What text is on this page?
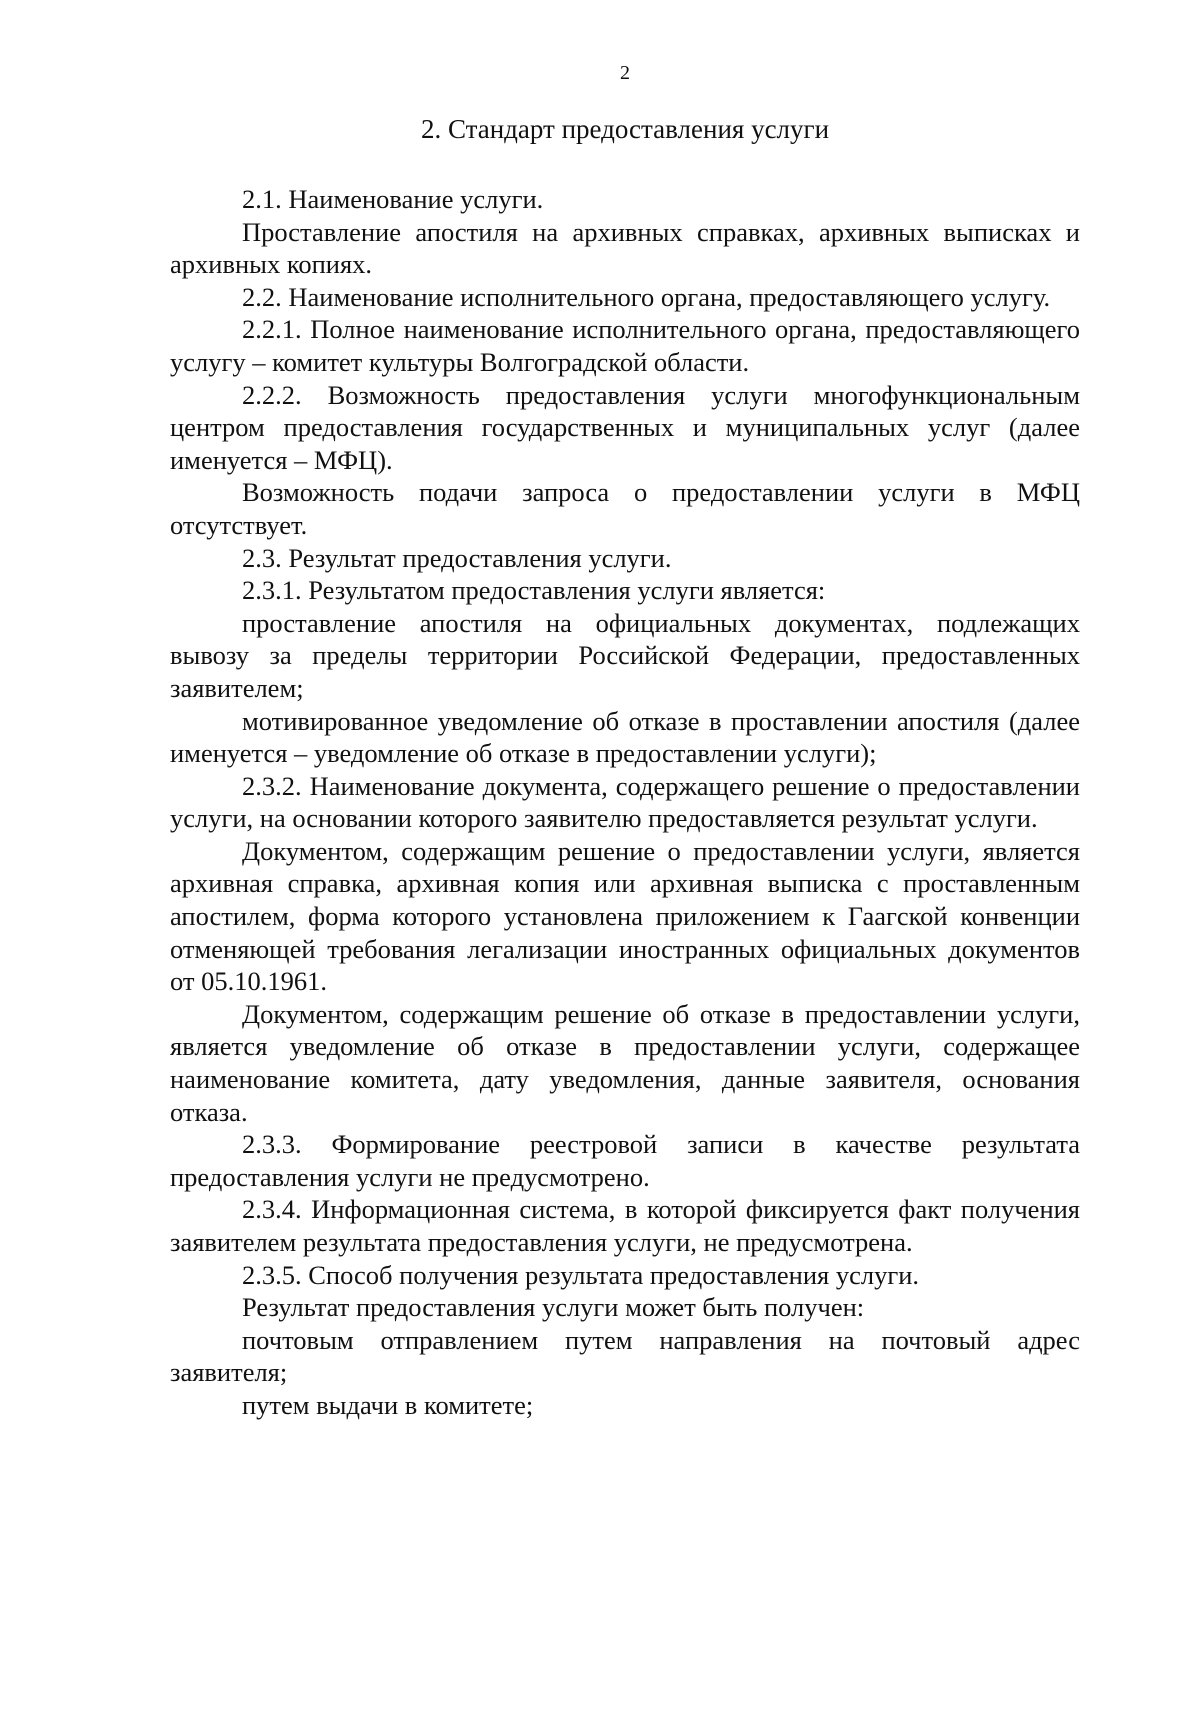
2
2. Стандарт предоставления услуги

2.1. Наименование услуги.

Проставление апостиля на архивных справках, архивных выписках и архивных копиях.

2.2. Наименование исполнительного органа, предоставляющего услугу.

2.2.1. Полное наименование исполнительного органа, предоставляющего услугу – комитет культуры Волгоградской области.

2.2.2. Возможность предоставления услуги многофункциональным центром предоставления государственных и муниципальных услуг (далее именуется – МФЦ).

Возможность подачи запроса о предоставлении услуги в МФЦ отсутствует.

2.3. Результат предоставления услуги.

2.3.1. Результатом предоставления услуги является:

проставление апостиля на официальных документах, подлежащих вывозу за пределы территории Российской Федерации, предоставленных заявителем;

мотивированное уведомление об отказе в проставлении апостиля (далее именуется – уведомление об отказе в предоставлении услуги);

2.3.2. Наименование документа, содержащего решение о предоставлении услуги, на основании которого заявителю предоставляется результат услуги.

Документом, содержащим решение о предоставлении услуги, является архивная справка, архивная копия или архивная выписка с проставленным апостилем, форма которого установлена приложением к Гаагской конвенции отменяющей требования легализации иностранных официальных документов от 05.10.1961.

Документом, содержащим решение об отказе в предоставлении услуги, является уведомление об отказе в предоставлении услуги, содержащее наименование комитета, дату уведомления, данные заявителя, основания отказа.

2.3.3. Формирование реестровой записи в качестве результата предоставления услуги не предусмотрено.

2.3.4. Информационная система, в которой фиксируется факт получения заявителем результата предоставления услуги, не предусмотрена.

2.3.5. Способ получения результата предоставления услуги.

Результат предоставления услуги может быть получен:

почтовым отправлением путем направления на почтовый адрес заявителя;

путем выдачи в комитете;
